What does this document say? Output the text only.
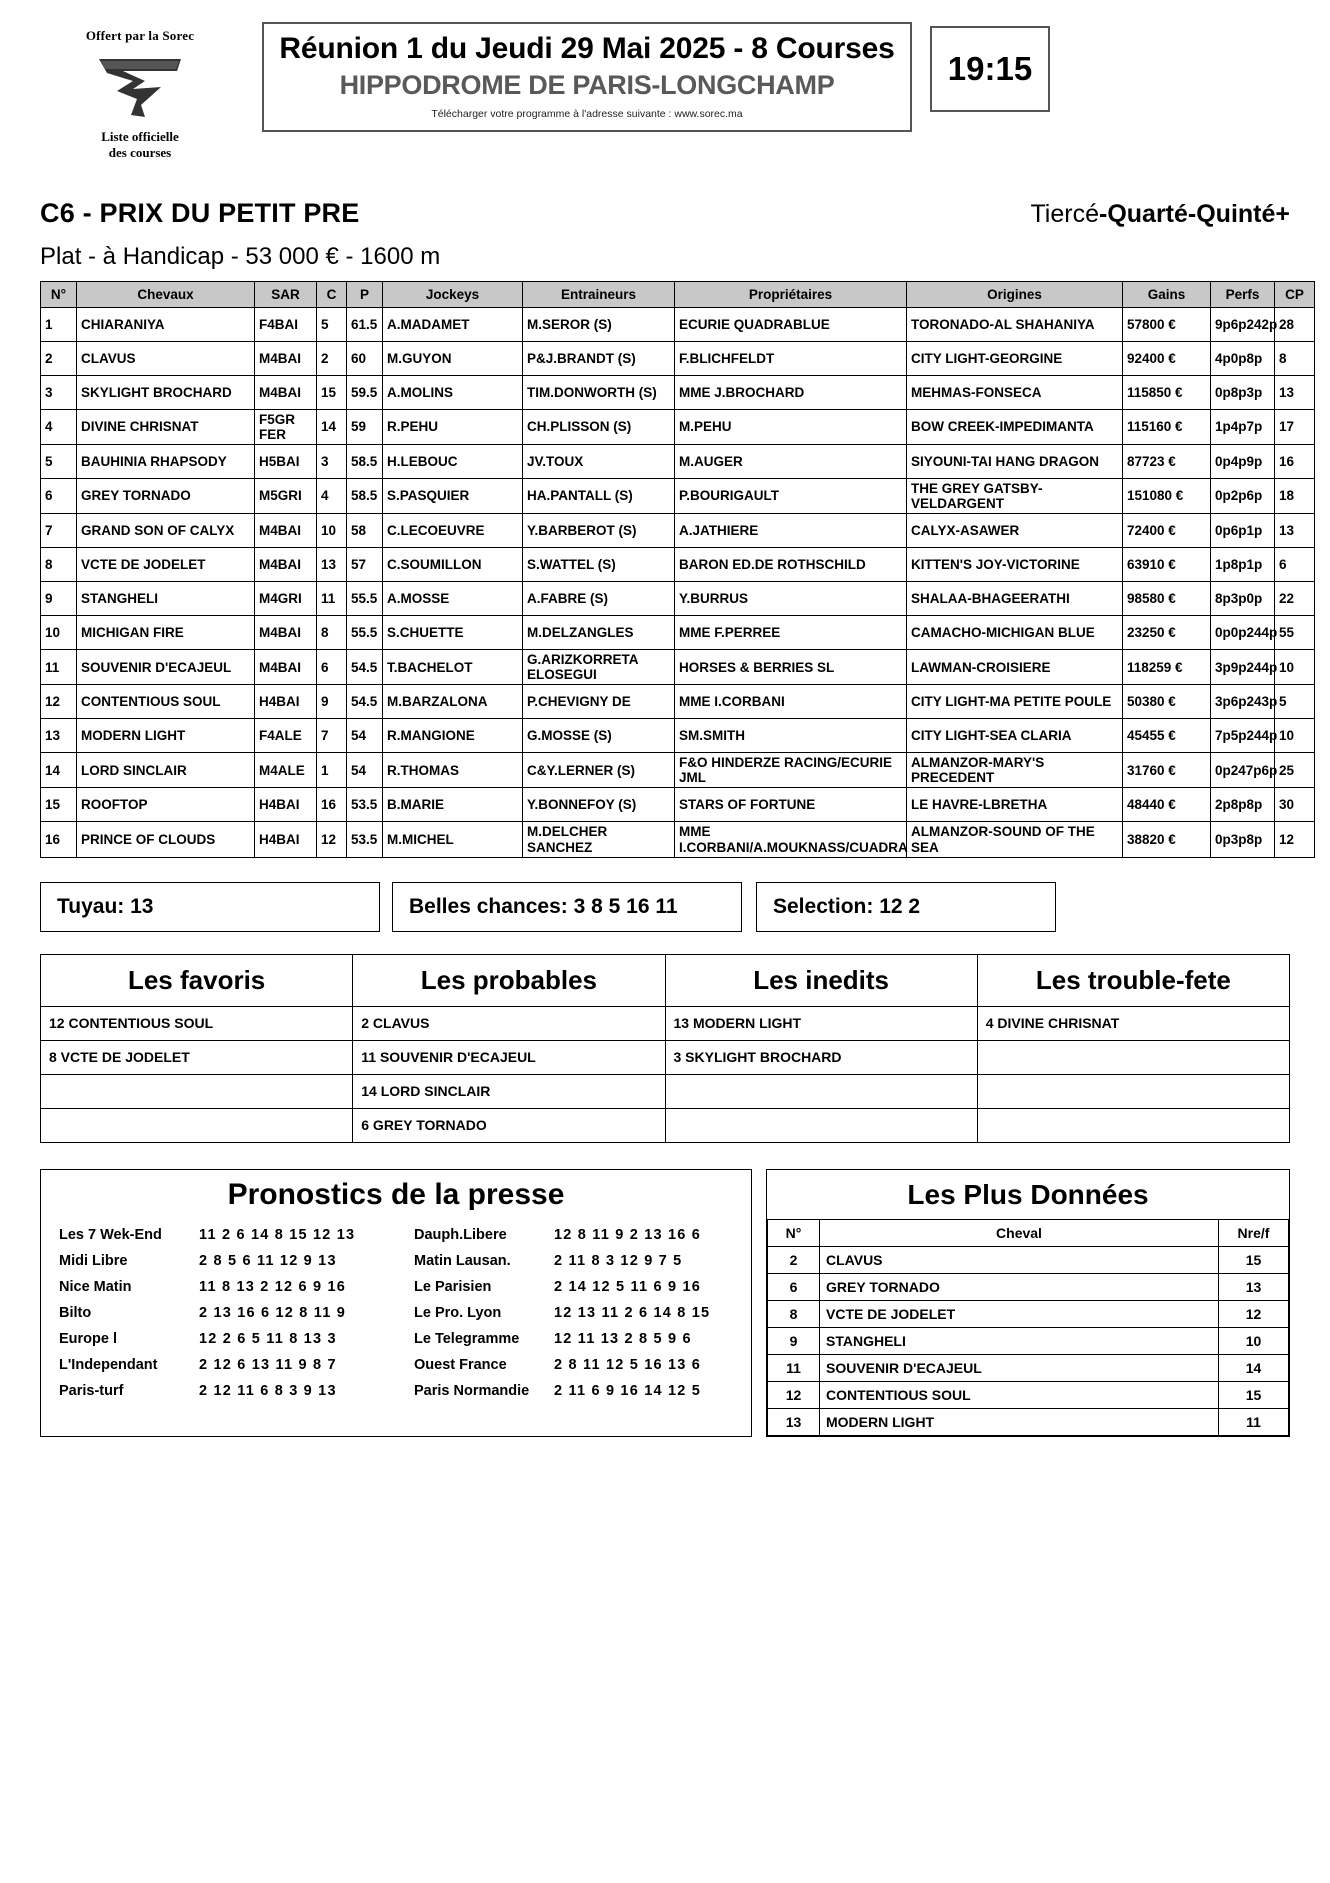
Offert par la Sorec
Liste officielle
des courses
Réunion 1 du Jeudi 29 Mai 2025 - 8 Courses
HIPPODROME DE PARIS-LONGCHAMP
Télécharger votre programme à l'adresse suivante : www.sorec.ma
19:15
C6 - PRIX DU PETIT PRE	Tiercé-Quarté-Quinté+
Plat - à Handicap - 53 000 € - 1600 m
N°	Chevaux	SAR	C	P	Jockeys	Entraineurs	Propriétaires	Origines	Gains	Perfs	CP
1	CHIARANIYA	F4BAI	5	61.5	A.MADAMET	M.SEROR (S)	ECURIE QUADRABLUE	TORONADO-AL SHAHANIYA	57800 €	9p6p242p	28
2	CLAVUS	M4BAI	2	60	M.GUYON	P&J.BRANDT (S)	F.BLICHFELDT	CITY LIGHT-GEORGINE	92400 €	4p0p8p	8
3	SKYLIGHT BROCHARD	M4BAI	15	59.5	A.MOLINS	TIM.DONWORTH (S)	MME J.BROCHARD	MEHMAS-FONSECA	115850 €	0p8p3p	13
4	DIVINE CHRISNAT	F5GR FER	14	59	R.PEHU	CH.PLISSON (S)	M.PEHU	BOW CREEK-IMPEDIMANTA	115160 €	1p4p7p	17
5	BAUHINIA RHAPSODY	H5BAI	3	58.5	H.LEBOUC	JV.TOUX	M.AUGER	SIYOUNI-TAI HANG DRAGON	87723 €	0p4p9p	16
6	GREY TORNADO	M5GRI	4	58.5	S.PASQUIER	HA.PANTALL (S)	P.BOURIGAULT	THE GREY GATSBY-VELDARGENT	151080 €	0p2p6p	18
7	GRAND SON OF CALYX	M4BAI	10	58	C.LECOEUVRE	Y.BARBEROT (S)	A.JATHIERE	CALYX-ASAWER	72400 €	0p6p1p	13
8	VCTE DE JODELET	M4BAI	13	57	C.SOUMILLON	S.WATTEL (S)	BARON ED.DE ROTHSCHILD	KITTEN'S JOY-VICTORINE	63910 €	1p8p1p	6
9	STANGHELI	M4GRI	11	55.5	A.MOSSE	A.FABRE (S)	Y.BURRUS	SHALAA-BHAGEERATHI	98580 €	8p3p0p	22
10	MICHIGAN FIRE	M4BAI	8	55.5	S.CHUETTE	M.DELZANGLES	MME F.PERREE	CAMACHO-MICHIGAN BLUE	23250 €	0p0p244p	55
11	SOUVENIR D'ECAJEUL	M4BAI	6	54.5	T.BACHELOT	G.ARIZKORRETA ELOSEGUI	HORSES & BERRIES SL	LAWMAN-CROISIERE	118259 €	3p9p244p	10
12	CONTENTIOUS SOUL	H4BAI	9	54.5	M.BARZALONA	P.CHEVIGNY DE	MME I.CORBANI	CITY LIGHT-MA PETITE POULE	50380 €	3p6p243p	5
13	MODERN LIGHT	F4ALE	7	54	R.MANGIONE	G.MOSSE (S)	SM.SMITH	CITY LIGHT-SEA CLARIA	45455 €	7p5p244p	10
14	LORD SINCLAIR	M4ALE	1	54	R.THOMAS	C&Y.LERNER (S)	F&O HINDERZE RACING/ECURIE JML	ALMANZOR-MARY'S PRECEDENT	31760 €	0p247p6p	25
15	ROOFTOP	H4BAI	16	53.5	B.MARIE	Y.BONNEFOY (S)	STARS OF FORTUNE	LE HAVRE-LBRETHA	48440 €	2p8p8p	30
16	PRINCE OF CLOUDS	H4BAI	12	53.5	M.MICHEL	M.DELCHER SANCHEZ	MME I.CORBANI/A.MOUKNASS/CUADRA	ALMANZOR-SOUND OF THE SEA	38820 €	0p3p8p	12
Tuyau: 13	Belles chances: 3 8 5 16 11	Selection: 12 2
Les favoris	Les probables	Les inedits	Les trouble-fete
12 CONTENTIOUS SOUL	2 CLAVUS	13 MODERN LIGHT	4 DIVINE CHRISNAT
8 VCTE DE JODELET	11 SOUVENIR D'ECAJEUL	3 SKYLIGHT BROCHARD	
	14 LORD SINCLAIR		
	6 GREY TORNADO		
Pronostics de la presse
Les 7 Wek-End	11 2 6 14 8 15 12 13
Midi Libre	2 8 5 6 11 12 9 13
Nice Matin	11 8 13 2 12 6 9 16
Bilto	2 13 16 6 12 8 11 9
Europe l	12 2 6 5 11 8 13 3
L'Independant	2 12 6 13 11 9 8 7
Paris-turf	2 12 11 6 8 3 9 13
Dauph.Libere	12 8 11 9 2 13 16 6
Matin Lausan.	2 11 8 3 12 9 7 5
Le Parisien	2 14 12 5 11 6 9 16
Le Pro. Lyon	12 13 11 2 6 14 8 15
Le Telegramme	12 11 13 2 8 5 9 6
Ouest France	2 8 11 12 5 16 13 6
Paris Normandie	2 11 6 9 16 14 12 5
Les Plus Données
N°	Cheval	Nre/f
2	CLAVUS	15
6	GREY TORNADO	13
8	VCTE DE JODELET	12
9	STANGHELI	10
11	SOUVENIR D'ECAJEUL	14
12	CONTENTIOUS SOUL	15
13	MODERN LIGHT	11
